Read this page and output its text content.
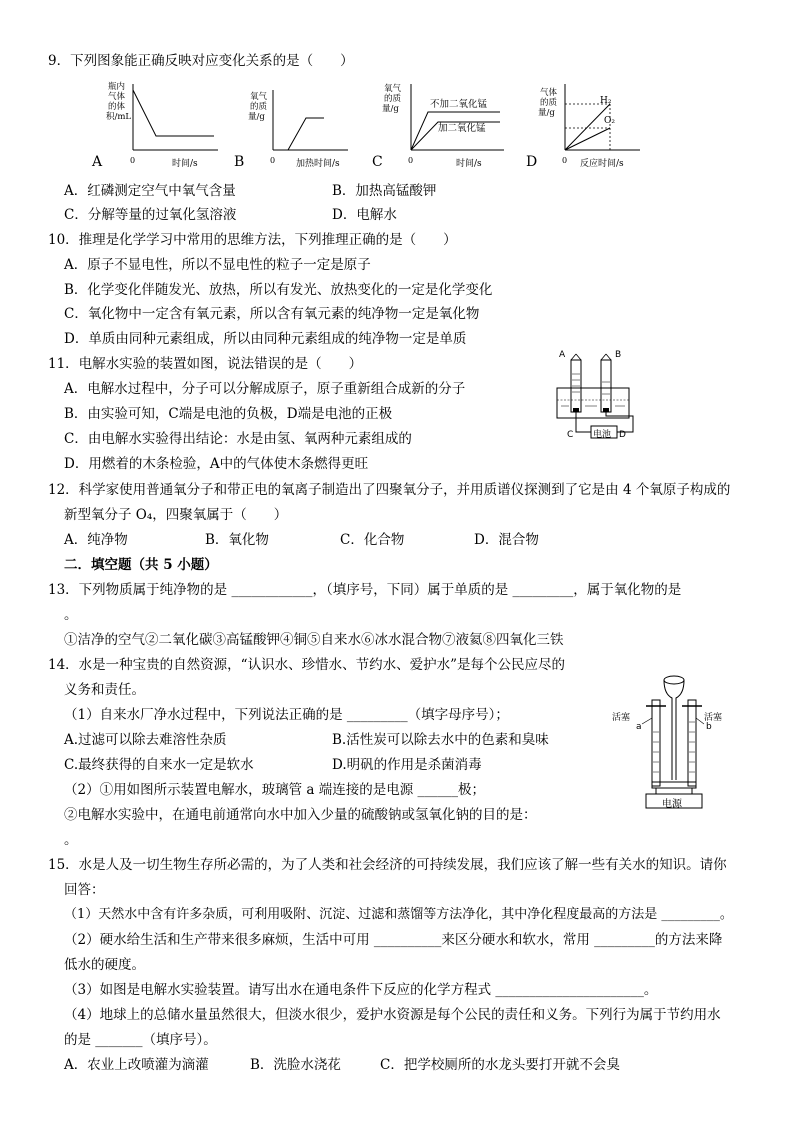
9．下列图象能正确反映对应变化关系的是（　　）
A
瓶内
气体
的体
积/mL
0	时间/s	B
氧气
的质
量/g
0 加热时间/s C
氧气
的质
量/g	不加二氧化锰
加二氧化锰
0	时间/s	D
气体
的质
量/g
H₂
O₂
0 反应时间/s
A．红磷测定空气中氧气含量	B．加热高锰酸钾
C．分解等量的过氧化氢溶液	D．电解水
10．推理是化学学习中常用的思维方法，下列推理正确的是（　　）
A．原子不显电性，所以不显电性的粒子一定是原子
B．化学变化伴随发光、放热，所以有发光、放热变化的一定是化学变化
C．氧化物中一定含有氧元素，所以含有氧元素的纯净物一定是氧化物
D．单质由同种元素组成，所以由同种元素组成的纯净物一定是单质
11．电解水实验的装置如图，说法错误的是（　　）
A．电解水过程中，分子可以分解成原子，原子重新组合成新的分子
B．由实验可知，C端是电池的负极，D端是电池的正极
C．由电解水实验得出结论：水是由氢、氧两种元素组成的
D．用燃着的木条检验，A中的气体使木条燃得更旺
A	B
C	D
电池
12．科学家使用普通氧分子和带正电的氧离子制造出了四聚氧分子，并用质谱仪探测到了它是由 4 个氧原子构成的
新型氧分子 O₄，四聚氧属于（　　）
A．纯净物	B．氧化物	C．化合物	D．混合物
二．填空题（共 5 小题）
13．下列物质属于纯净物的是 ____________，（填序号，下同）属于单质的是 _________，属于氧化物的是
。
①洁净的空气②二氧化碳③高锰酸钾④铜⑤自来水⑥冰水混合物⑦液氦⑧四氧化三铁
14．水是一种宝贵的自然资源，“认识水、珍惜水、节约水、爱护水”是每个公民应尽的
义务和责任。
（1）自来水厂净水过程中，下列说法正确的是 _________（填字母序号）；
A.过滤可以除去难溶性杂质	B.活性炭可以除去水中的色素和臭味
C.最终获得的自来水一定是软水	D.明矾的作用是杀菌消毒
（2）①用如图所示装置电解水，玻璃管 a 端连接的是电源 ______极；
②电解水实验中，在通电前通常向水中加入少量的硫酸钠或氢氧化钠的目的是：
。
活塞	活塞
a	b
电源
15．水是人及一切生物生存所必需的，为了人类和社会经济的可持续发展，我们应该了解一些有关水的知识。请你
回答：
（1）天然水中含有许多杂质，可利用吸附、沉淀、过滤和蒸馏等方法净化，其中净化程度最高的方法是 _________。
（2）硬水给生活和生产带来很多麻烦，生活中可用 __________来区分硬水和软水，常用 _________的方法来降
低水的硬度。
（3）如图是电解水实验装置。请写出水在通电条件下反应的化学方程式 ______________________。
（4）地球上的总储水量虽然很大，但淡水很少，爱护水资源是每个公民的责任和义务。下列行为属于节约用水
的是 _______（填序号）。
A．农业上改喷灌为滴灌	B．洗脸水浇花	C．把学校厕所的水龙头要打开就不会臭
